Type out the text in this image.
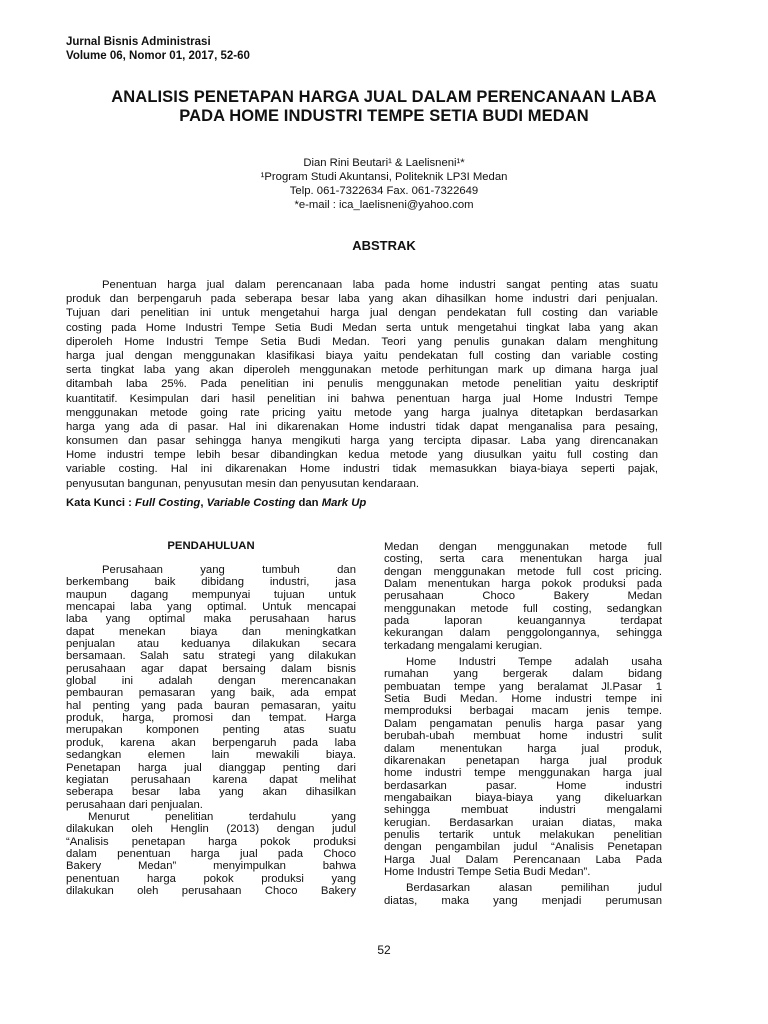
Jurnal Bisnis Administrasi
Volume 06, Nomor 01, 2017, 52-60
ANALISIS PENETAPAN HARGA JUAL DALAM PERENCANAAN LABA
PADA HOME INDUSTRI TEMPE SETIA BUDI MEDAN
Dian Rini Beutari¹ & Laelisneni¹*
¹Program Studi Akuntansi, Politeknik LP3I Medan
Telp. 061-7322634 Fax. 061-7322649
*e-mail : ica_laelisneni@yahoo.com
ABSTRAK
Penentuan harga jual dalam perencanaan laba pada home industri sangat penting atas suatu
produk dan berpengaruh pada seberapa besar laba yang akan dihasilkan home industri dari penjualan.
Tujuan dari penelitian ini untuk mengetahui harga jual dengan pendekatan full costing dan variable
costing pada Home Industri Tempe Setia Budi Medan serta untuk mengetahui tingkat laba yang akan
diperoleh Home Industri Tempe Setia Budi Medan. Teori yang penulis gunakan dalam menghitung
harga jual dengan menggunakan klasifikasi biaya yaitu pendekatan full costing dan variable costing
serta tingkat laba yang akan diperoleh menggunakan metode perhitungan mark up dimana harga jual
ditambah laba 25%. Pada penelitian ini penulis menggunakan metode penelitian yaitu deskriptif
kuantitatif. Kesimpulan dari hasil penelitian ini bahwa penentuan harga jual Home Industri Tempe
menggunakan metode going rate pricing yaitu metode yang harga jualnya ditetapkan berdasarkan
harga yang ada di pasar. Hal ini dikarenakan Home industri tidak dapat menganalisa para pesaing,
konsumen dan pasar sehingga hanya mengikuti harga yang tercipta dipasar. Laba yang direncanakan
Home industri tempe lebih besar dibandingkan kedua metode yang diusulkan yaitu full costing dan
variable costing. Hal ini dikarenakan Home industri tidak memasukkan biaya-biaya seperti pajak,
penyusutan bangunan, penyusutan mesin dan penyusutan kendaraan.
Kata Kunci : Full Costing, Variable Costing dan Mark Up
PENDAHULUAN
Perusahaan yang tumbuh dan
berkembang baik dibidang industri, jasa
maupun dagang mempunyai tujuan untuk
mencapai laba yang optimal. Untuk mencapai
laba yang optimal maka perusahaan harus
dapat menekan biaya dan meningkatkan
penjualan atau keduanya dilakukan secara
bersamaan. Salah satu strategi yang dilakukan
perusahaan agar dapat bersaing dalam bisnis
global ini adalah dengan merencanakan
pembauran pemasaran yang baik, ada empat
hal penting yang pada bauran pemasaran, yaitu
produk, harga, promosi dan tempat. Harga
merupakan komponen penting atas suatu
produk, karena akan berpengaruh pada laba
sedangkan elemen lain mewakili biaya.
Penetapan harga jual dianggap penting dari
kegiatan perusahaan karena dapat melihat
seberapa besar laba yang akan dihasilkan
perusahaan dari penjualan.
Menurut penelitian terdahulu yang
dilakukan oleh Henglin (2013) dengan judul
“Analisis penetapan harga pokok produksi
dalam penentuan harga jual pada Choco
Bakery Medan” menyimpulkan bahwa
penentuan harga pokok produksi yang
dilakukan oleh perusahaan Choco Bakery
Medan dengan menggunakan metode full
costing, serta cara menentukan harga jual
dengan menggunakan metode full cost pricing.
Dalam menentukan harga pokok produksi pada
perusahaan Choco Bakery Medan
menggunakan metode full costing, sedangkan
pada laporan keuangannya terdapat
kekurangan dalam penggolongannya, sehingga
terkadang mengalami kerugian.
Home Industri Tempe adalah usaha
rumahan yang bergerak dalam bidang
pembuatan tempe yang beralamat Jl.Pasar 1
Setia Budi Medan. Home industri tempe ini
memproduksi berbagai macam jenis tempe.
Dalam pengamatan penulis harga pasar yang
berubah-ubah membuat home industri sulit
dalam menentukan harga jual produk,
dikarenakan penetapan harga jual produk
home industri tempe menggunakan harga jual
berdasarkan pasar. Home industri
mengabaikan biaya-biaya yang dikeluarkan
sehingga membuat industri mengalami
kerugian. Berdasarkan uraian diatas, maka
penulis tertarik untuk melakukan penelitian
dengan pengambilan judul “Analisis Penetapan
Harga Jual Dalam Perencanaan Laba Pada
Home Industri Tempe Setia Budi Medan”.
Berdasarkan alasan pemilihan judul
diatas, maka yang menjadi perumusan
52
